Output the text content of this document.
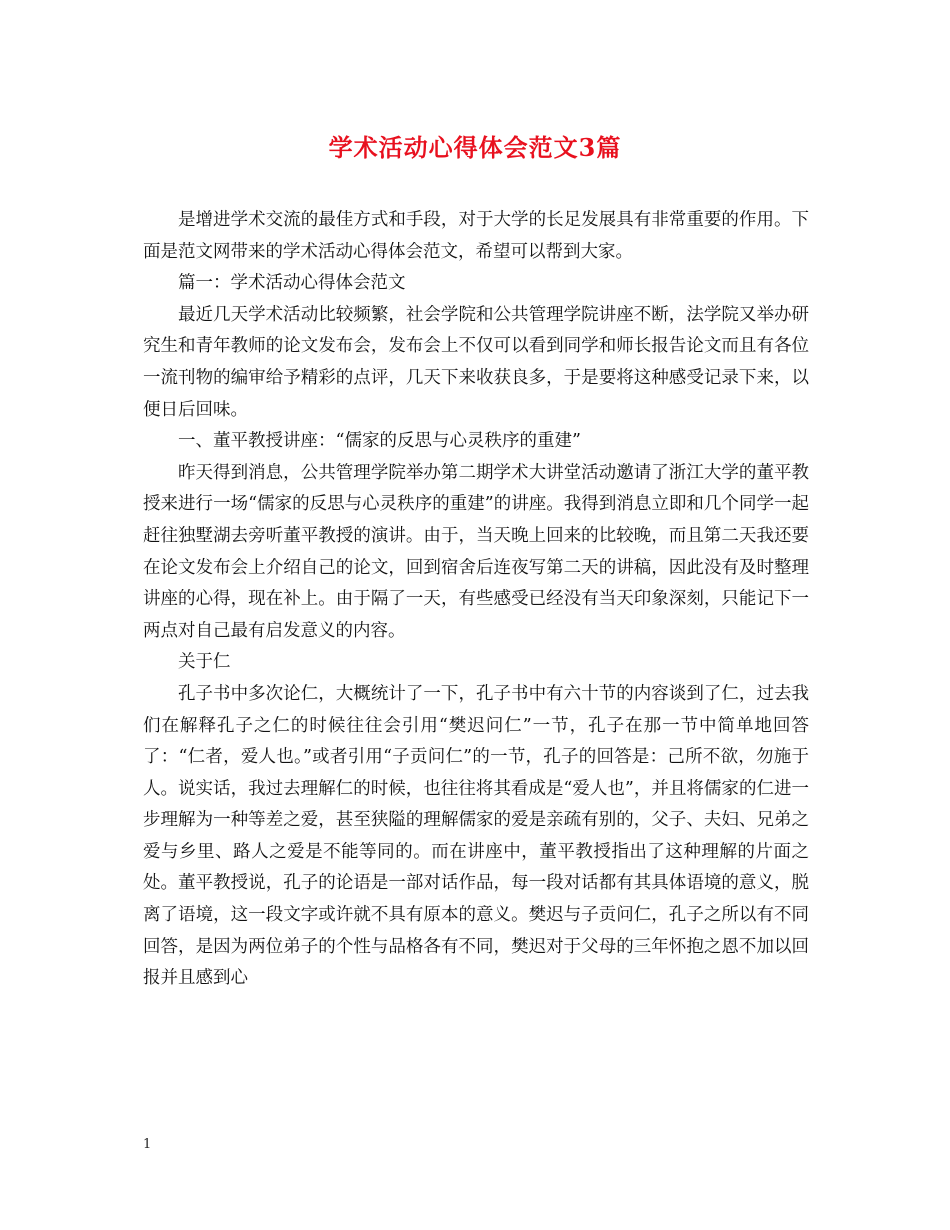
学术活动心得体会范文3篇

是增进学术交流的最佳方式和手段，对于大学的长足发展具有非常重要的作用。下面是范文网带来的学术活动心得体会范文，希望可以帮到大家。

篇一：学术活动心得体会范文

最近几天学术活动比较频繁，社会学院和公共管理学院讲座不断，法学院又举办研究生和青年教师的论文发布会，发布会上不仅可以看到同学和师长报告论文而且有各位一流刊物的编审给予精彩的点评，几天下来收获良多，于是要将这种感受记录下来，以便日后回味。

一、董平教授讲座：“儒家的反思与心灵秩序的重建”

昨天得到消息，公共管理学院举办第二期学术大讲堂活动邀请了浙江大学的董平教授来进行一场“儒家的反思与心灵秩序的重建”的讲座。我得到消息立即和几个同学一起赶往独墅湖去旁听董平教授的演讲。由于，当天晚上回来的比较晚，而且第二天我还要在论文发布会上介绍自己的论文，回到宿舍后连夜写第二天的讲稿，因此没有及时整理讲座的心得，现在补上。由于隔了一天，有些感受已经没有当天印象深刻，只能记下一两点对自己最有启发意义的内容。

关于仁

孔子书中多次论仁，大概统计了一下，孔子书中有六十节的内容谈到了仁，过去我们在解释孔子之仁的时候往往会引用“樊迟问仁”一节，孔子在那一节中简单地回答了：“仁者，爱人也。”或者引用“子贡问仁”的一节，孔子的回答是：己所不欲，勿施于人。说实话，我过去理解仁的时候，也往往将其看成是“爱人也”，并且将儒家的仁进一步理解为一种等差之爱，甚至狭隘的理解儒家的爱是亲疏有别的，父子、夫妇、兄弟之爱与乡里、路人之爱是不能等同的。而在讲座中，董平教授指出了这种理解的片面之处。董平教授说，孔子的论语是一部对话作品，每一段对话都有其具体语境的意义，脱离了语境，这一段文字或许就不具有原本的意义。樊迟与子贡问仁，孔子之所以有不同回答，是因为两位弟子的个性与品格各有不同，樊迟对于父母的三年怀抱之恩不加以回报并且感到心

1
